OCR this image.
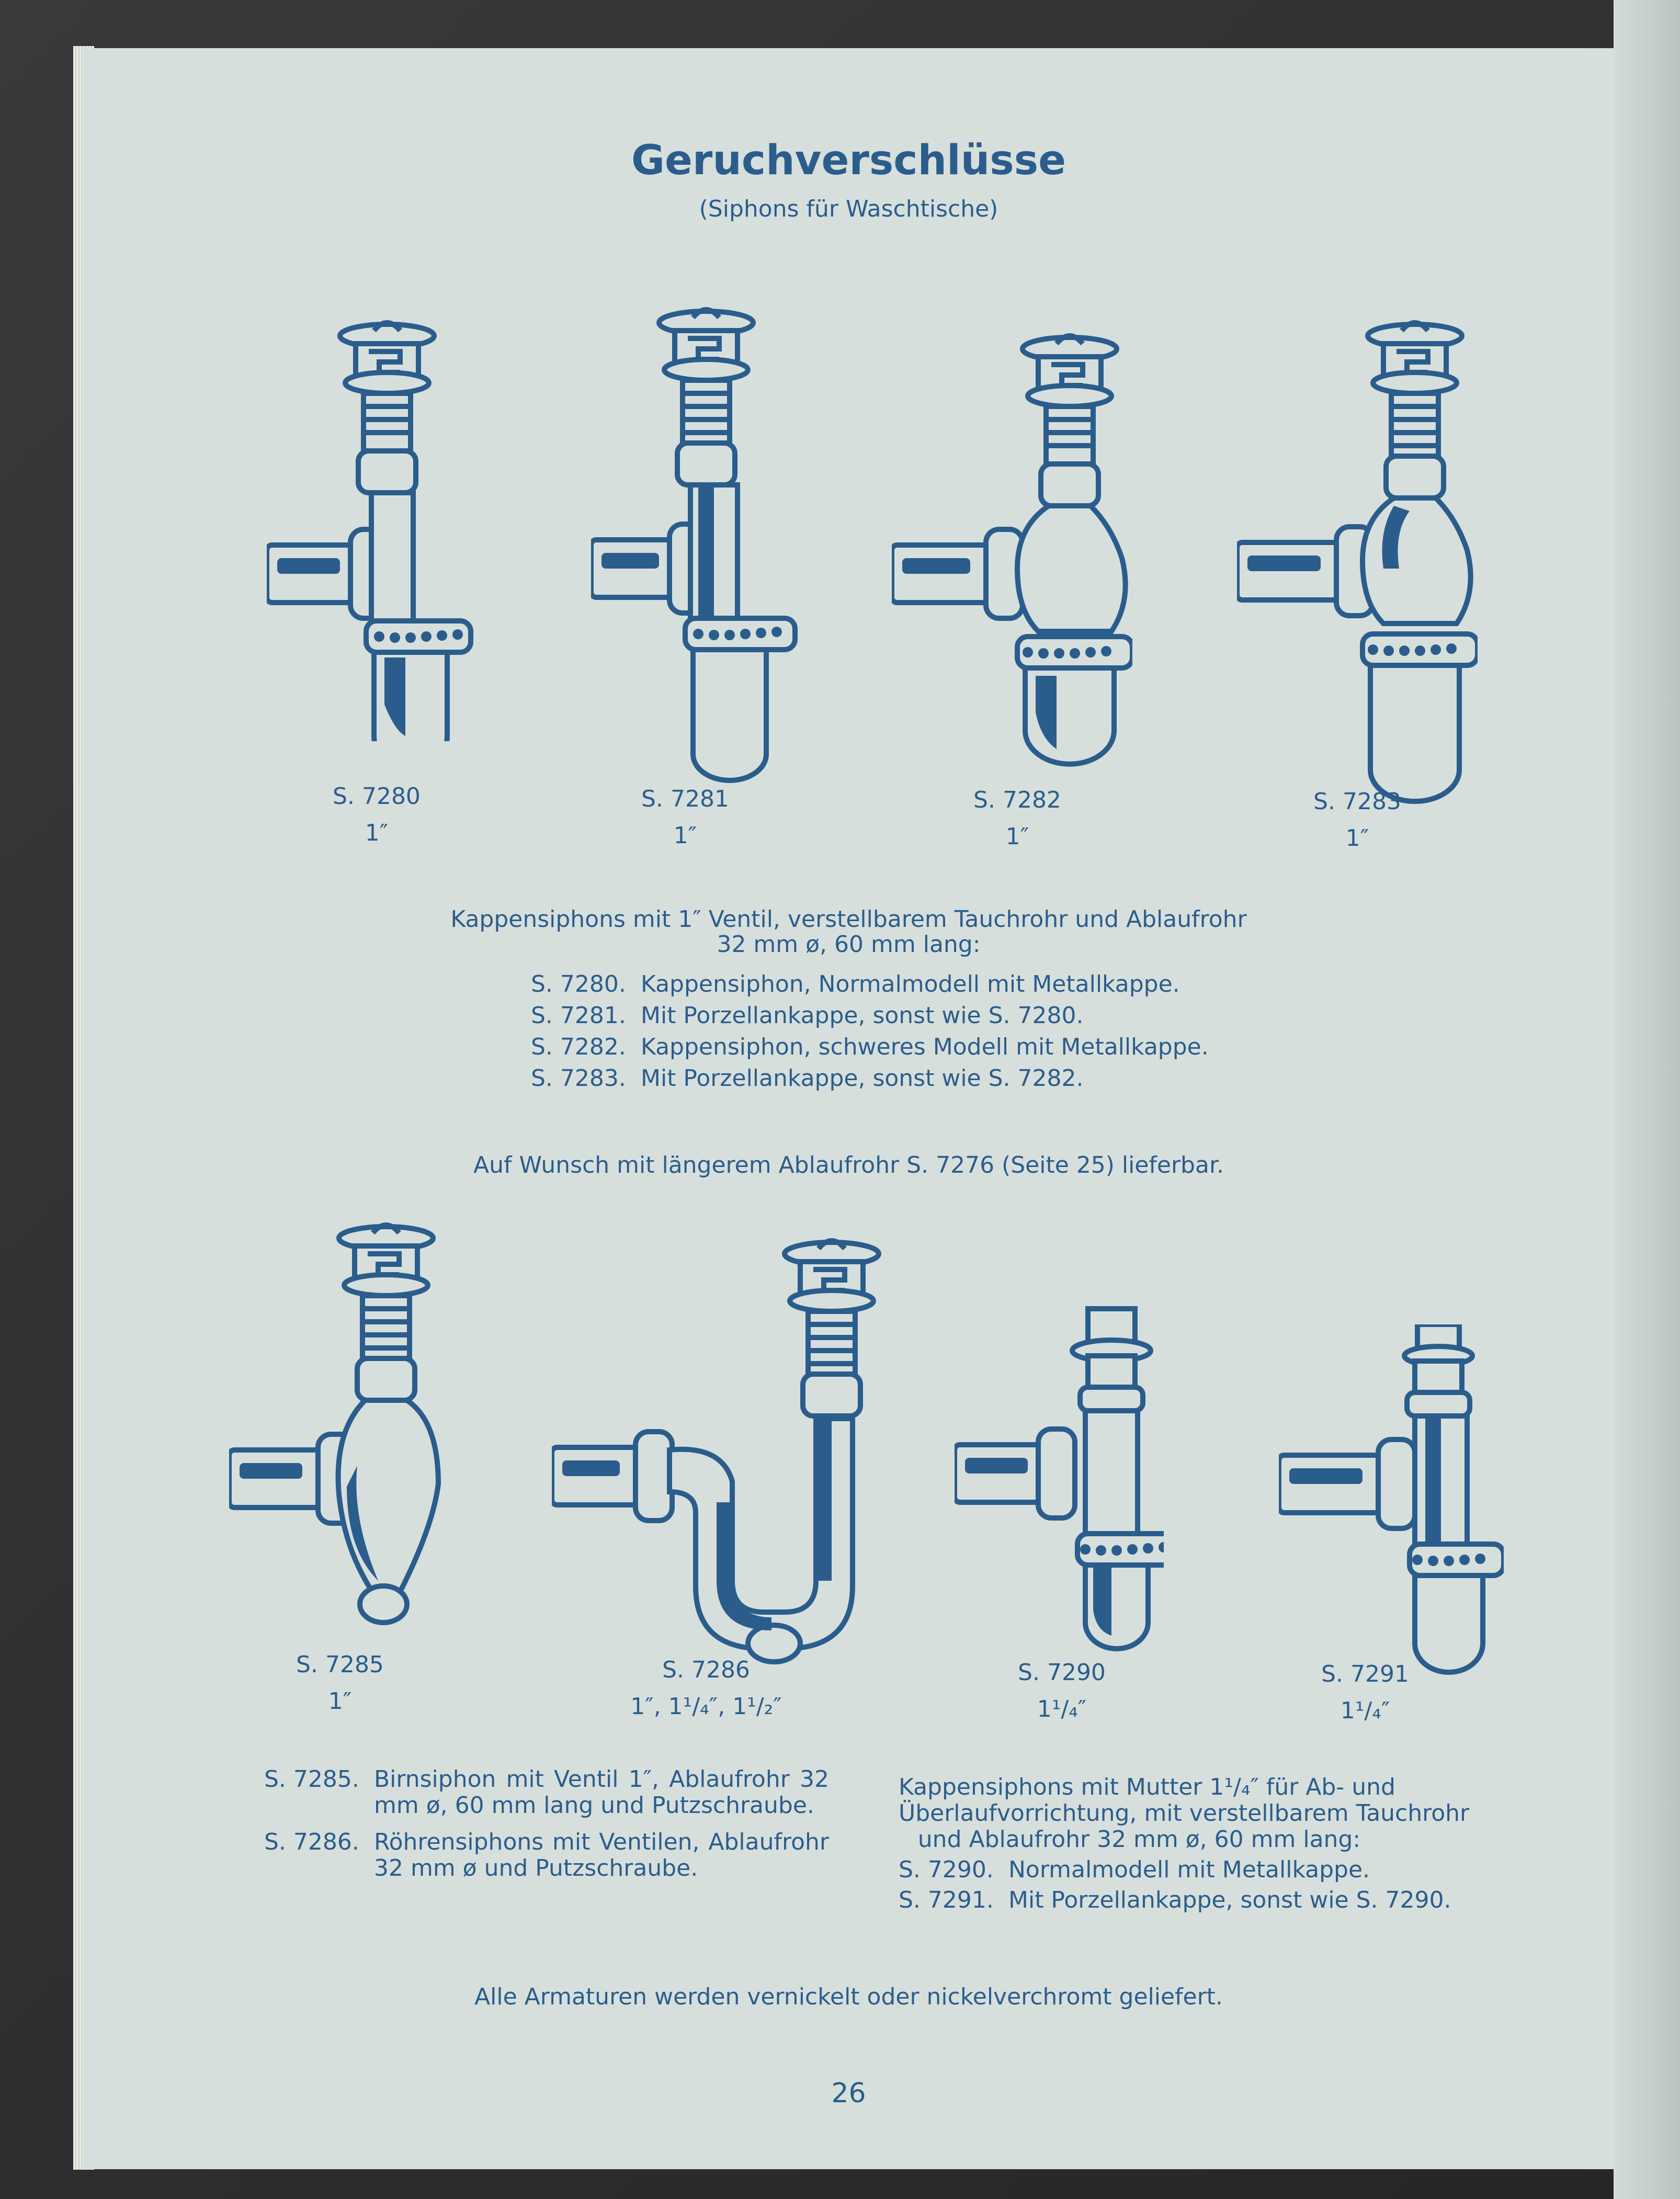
Geruchverschlüsse
(Siphons für Waschtische)
S. 7280
1″
S. 7281
1″
S. 7282
1″
S. 7283
1″
Kappensiphons mit 1″ Ventil, verstellbarem Tauchrohr und Ablaufrohr
32 mm ø, 60 mm lang:
S. 7280. Kappensiphon, Normalmodell mit Metallkappe.
S. 7281. Mit Porzellankappe, sonst wie S. 7280.
S. 7282. Kappensiphon, schweres Modell mit Metallkappe.
S. 7283. Mit Porzellankappe, sonst wie S. 7282.
Auf Wunsch mit längerem Ablaufrohr S. 7276 (Seite 25) lieferbar.
S. 7285
1″
S. 7286
1″, 1¹/₄″, 1¹/₂″
S. 7290
1¹/₄″
S. 7291
1¹/₄″
S. 7285. Birnsiphon mit Ventil 1″, Ablaufrohr 32 mm ø, 60 mm lang und Putzschraube.
S. 7286. Röhrensiphons mit Ventilen, Ablaufrohr 32 mm ø und Putzschraube.
Kappensiphons mit Mutter 1¹/₄″ für Ab- und
Überlaufvorrichtung, mit verstellbarem Tauchrohr
und Ablaufrohr 32 mm ø, 60 mm lang:
S. 7290. Normalmodell mit Metallkappe.
S. 7291. Mit Porzellankappe, sonst wie S. 7290.
Alle Armaturen werden vernickelt oder nickelverchromt geliefert.
26
